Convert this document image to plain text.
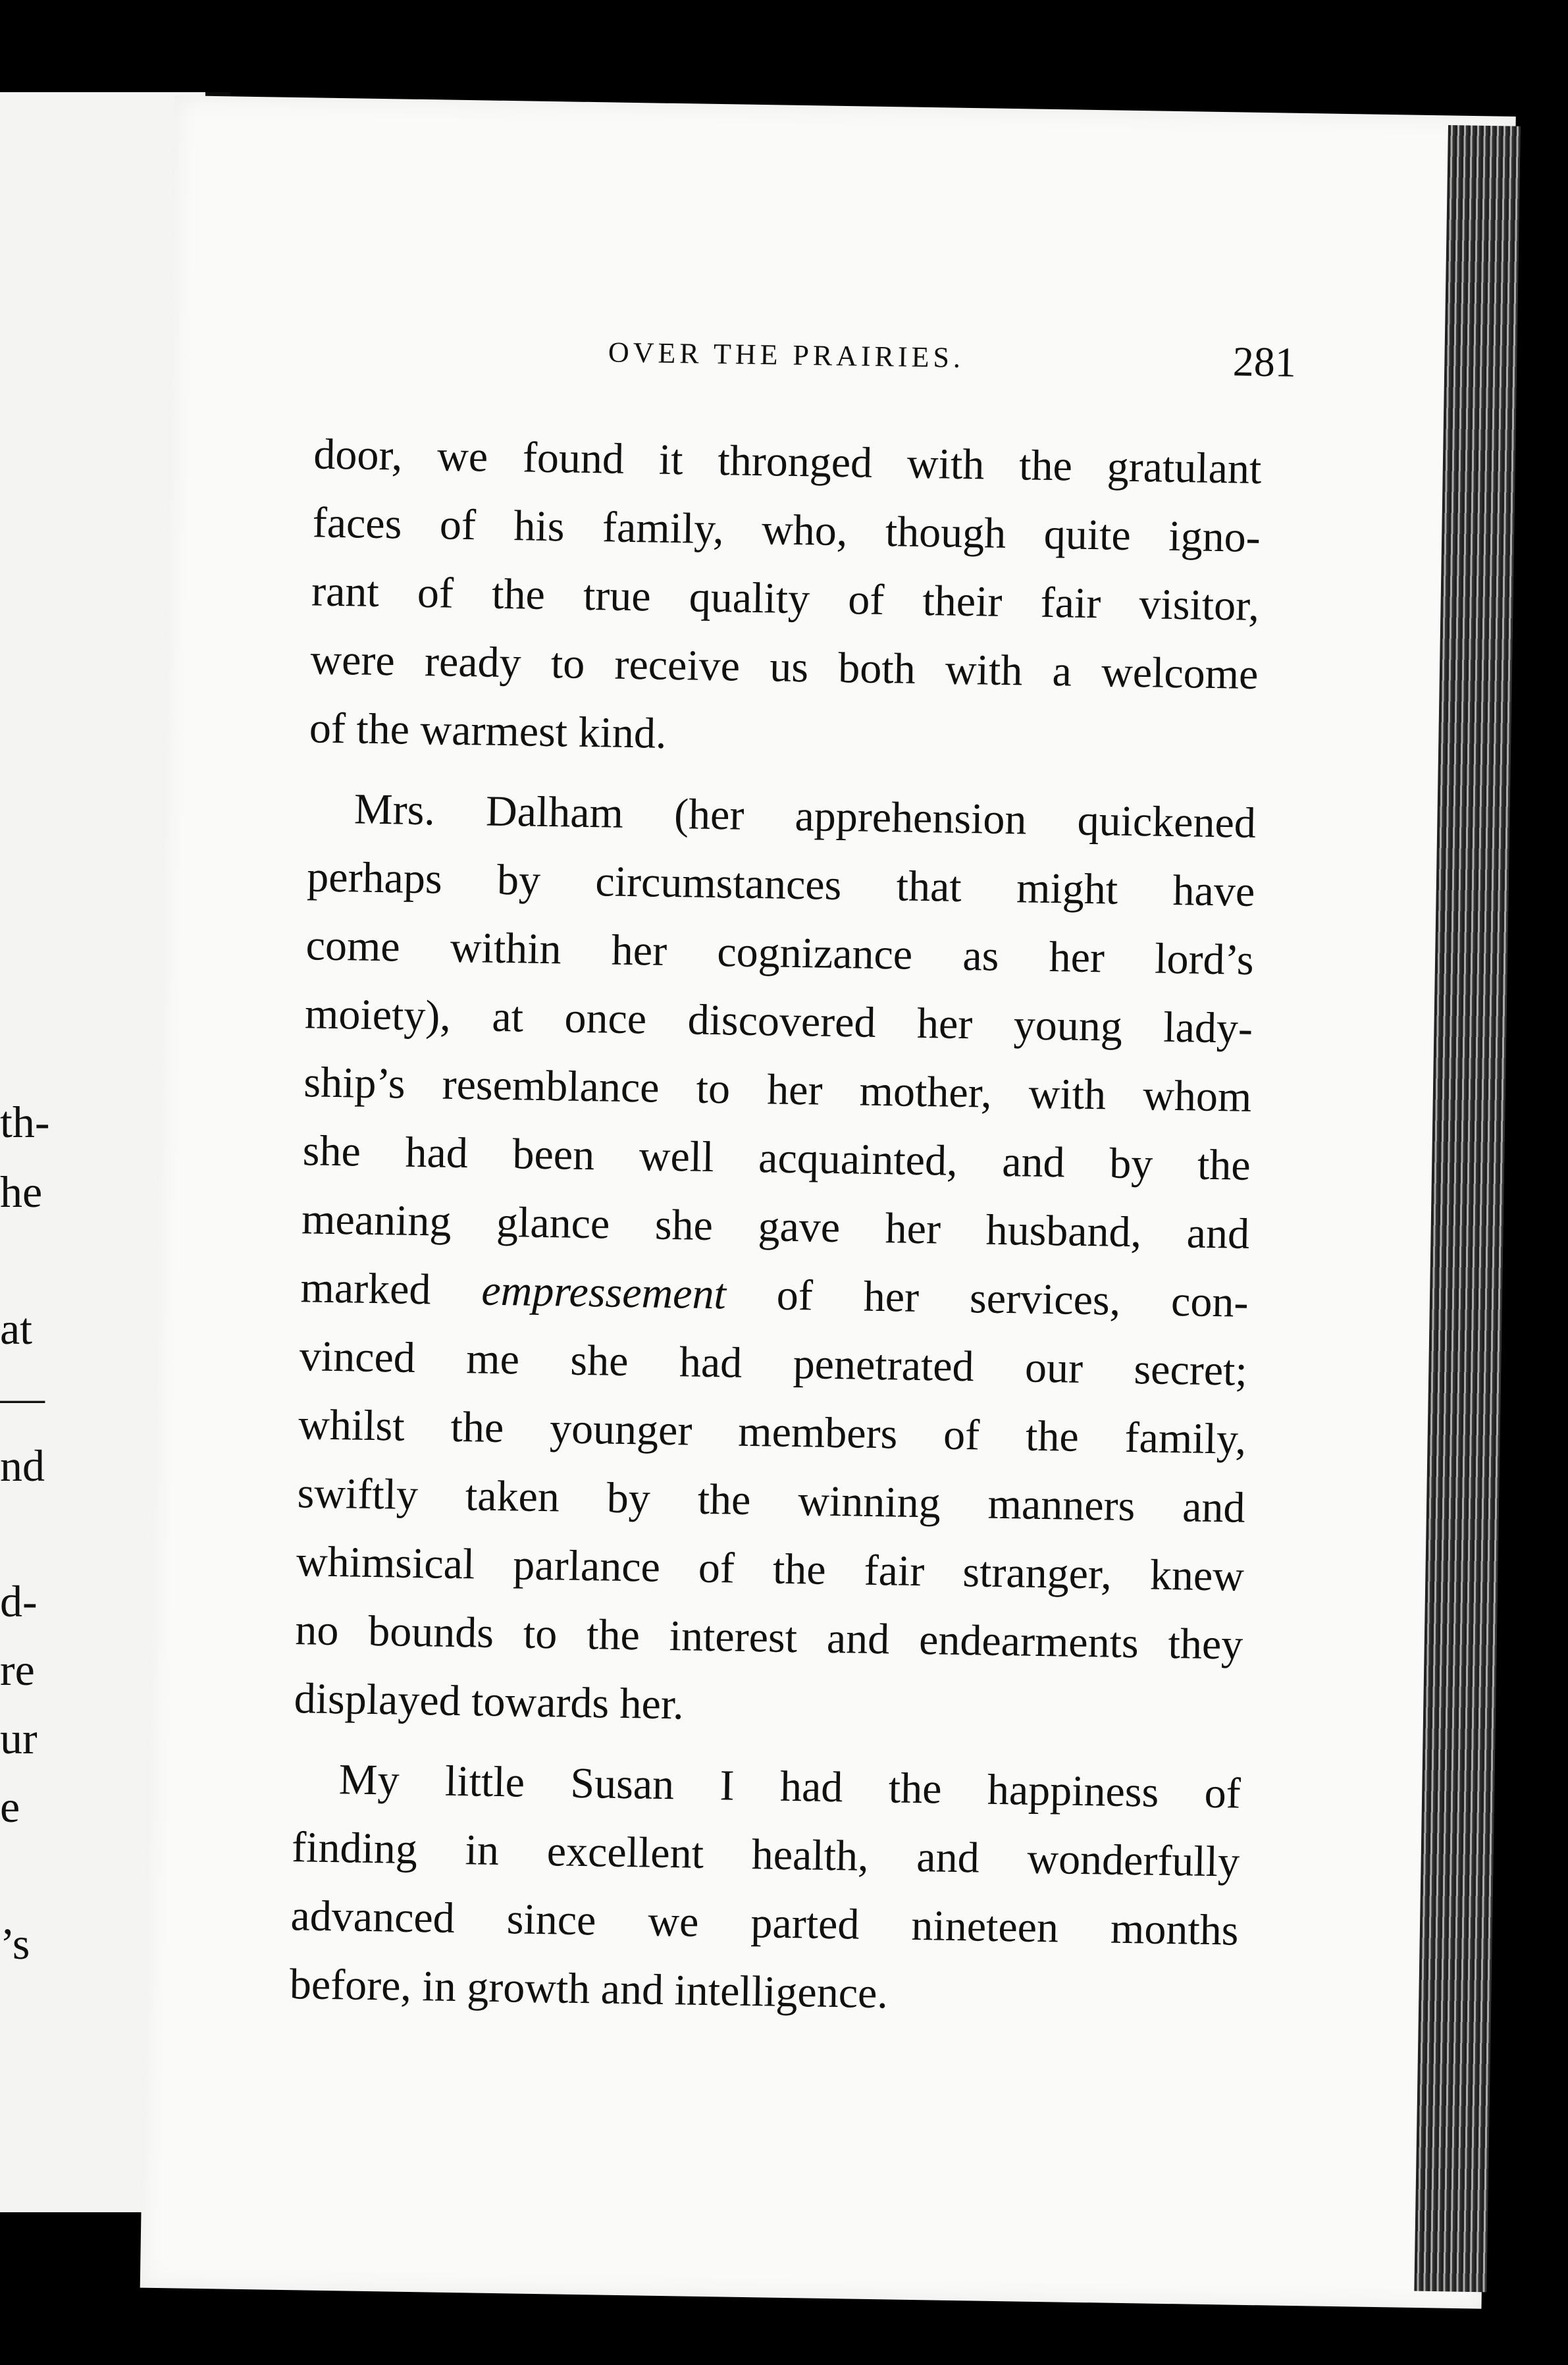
th-
he
at
—
nd
d-
re
ur
e
’s
OVER THE PRAIRIES.	281
door, we found it thronged with the gratulant
faces of his family, who, though quite igno-
rant of the true quality of their fair visitor,
were ready to receive us both with a welcome
of the warmest kind.
Mrs. Dalham (her apprehension quickened
perhaps by circumstances that might have
come within her cognizance as her lord’s
moiety), at once discovered her young lady-
ship’s resemblance to her mother, with whom
she had been well acquainted, and by the
meaning glance she gave her husband, and
marked empressement of her services, con-
vinced me she had penetrated our secret;
whilst the younger members of the family,
swiftly taken by the winning manners and
whimsical parlance of the fair stranger, knew
no bounds to the interest and endearments they
displayed towards her.
My little Susan I had the happiness of
finding in excellent health, and wonderfully
advanced since we parted nineteen months
before, in growth and intelligence.
